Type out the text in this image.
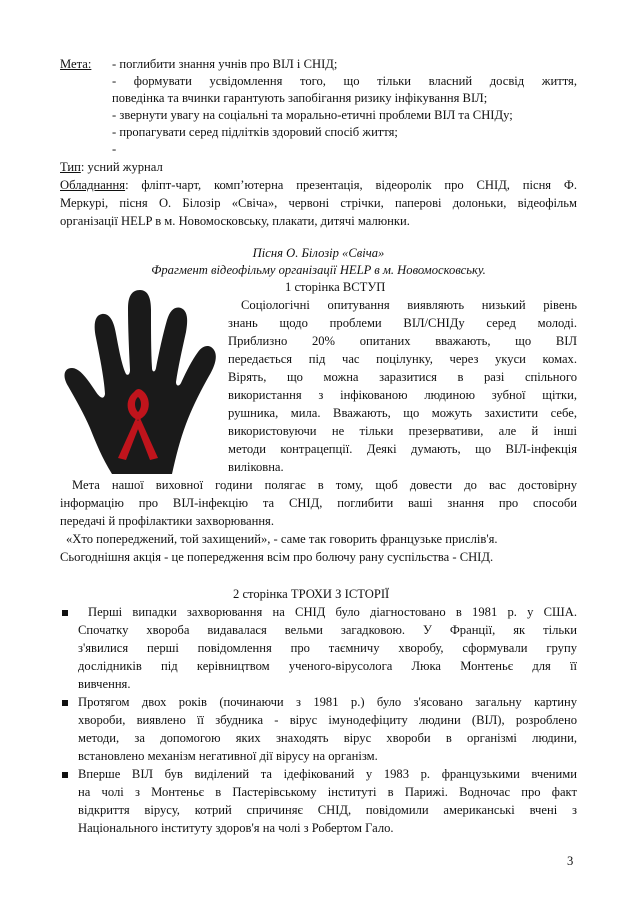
Мета: - поглибити знання учнів про ВІЛ і СНІД;
- формувати усвідомлення того, що тільки власний досвід життя,
поведінка та вчинки гарантують запобігання ризику інфікування ВІЛ;
- звернути увагу на соціальні та морально-етичні проблеми ВІЛ та СНІДу;
- пропагувати серед підлітків здоровий спосіб життя;
-
Тип: усний журнал
Обладнання: фліпт-чарт, комп’ютерна презентація, відеоролік про СНІД, пісня Ф.
Меркурі, пісня О. Білозір «Свіча», червоні стрічки, паперові долоньки, відеофільм
організації HELP в м. Новомосковську, плакати, дитячі малюнки.
Пісня О. Білозір «Свіча»
Фрагмент відеофільму організації HELP в м. Новомосковську.
1 сторінка ВСТУП
Соціологічні опитування виявляють низький рівень
знань щодо проблеми ВІЛ/СНІДу серед молоді.
Приблизно 20% опитаних вважають, що ВІЛ
передається під час поцілунку, через укуси комах.
Вірять, що можна заразитися в разі спільного
використання з інфікованою людиною зубної щітки,
рушника, мила. Вважають, що можуть захистити себе,
використовуючи не тільки презервативи, але й інші
методи контрацепції. Деякі думають, що ВІЛ-інфекція
виліковна.
Мета нашої виховної години полягає в тому, щоб довести до вас достовірну
інформацію про ВІЛ-інфекцію та СНІД, поглибити ваші знання про способи
передачі й профілактики захворювання.
«Хто попереджений, той захищений», - саме так говорить французьке прислів'я.
Сьогоднішня акція - це попередження всім про болючу рану суспільства - СНІД.
2 сторінка ТРОХИ З ІСТОРІЇ
Перші випадки захворювання на СНІД було діагностовано в 1981 р. у США.
Спочатку хвороба видавалася вельми загадковою. У Франції, як тільки
з'явилися перші повідомлення про таємничу хворобу, сформували групу
дослідників під керівництвом ученого-вірусолога Люка Монтеньє для її
вивчення.
Протягом двох років (починаючи з 1981 р.) було з'ясовано загальну картину
хвороби, виявлено її збудника - вірус імунодефіциту людини (ВІЛ), розроблено
методи, за допомогою яких знаходять вірус хвороби в організмі людини,
встановлено механізм негативної дії вірусу на організм.
Вперше ВІЛ був виділений та ідефікований у 1983 р. французькими вченими
на чолі з Монтеньє в Пастерівському інституті в Парижі. Водночас про факт
відкриття вірусу, котрий спричиняє СНІД, повідомили американські вчені з
Національного інституту здоров'я на чолі з Робертом Гало.
3
